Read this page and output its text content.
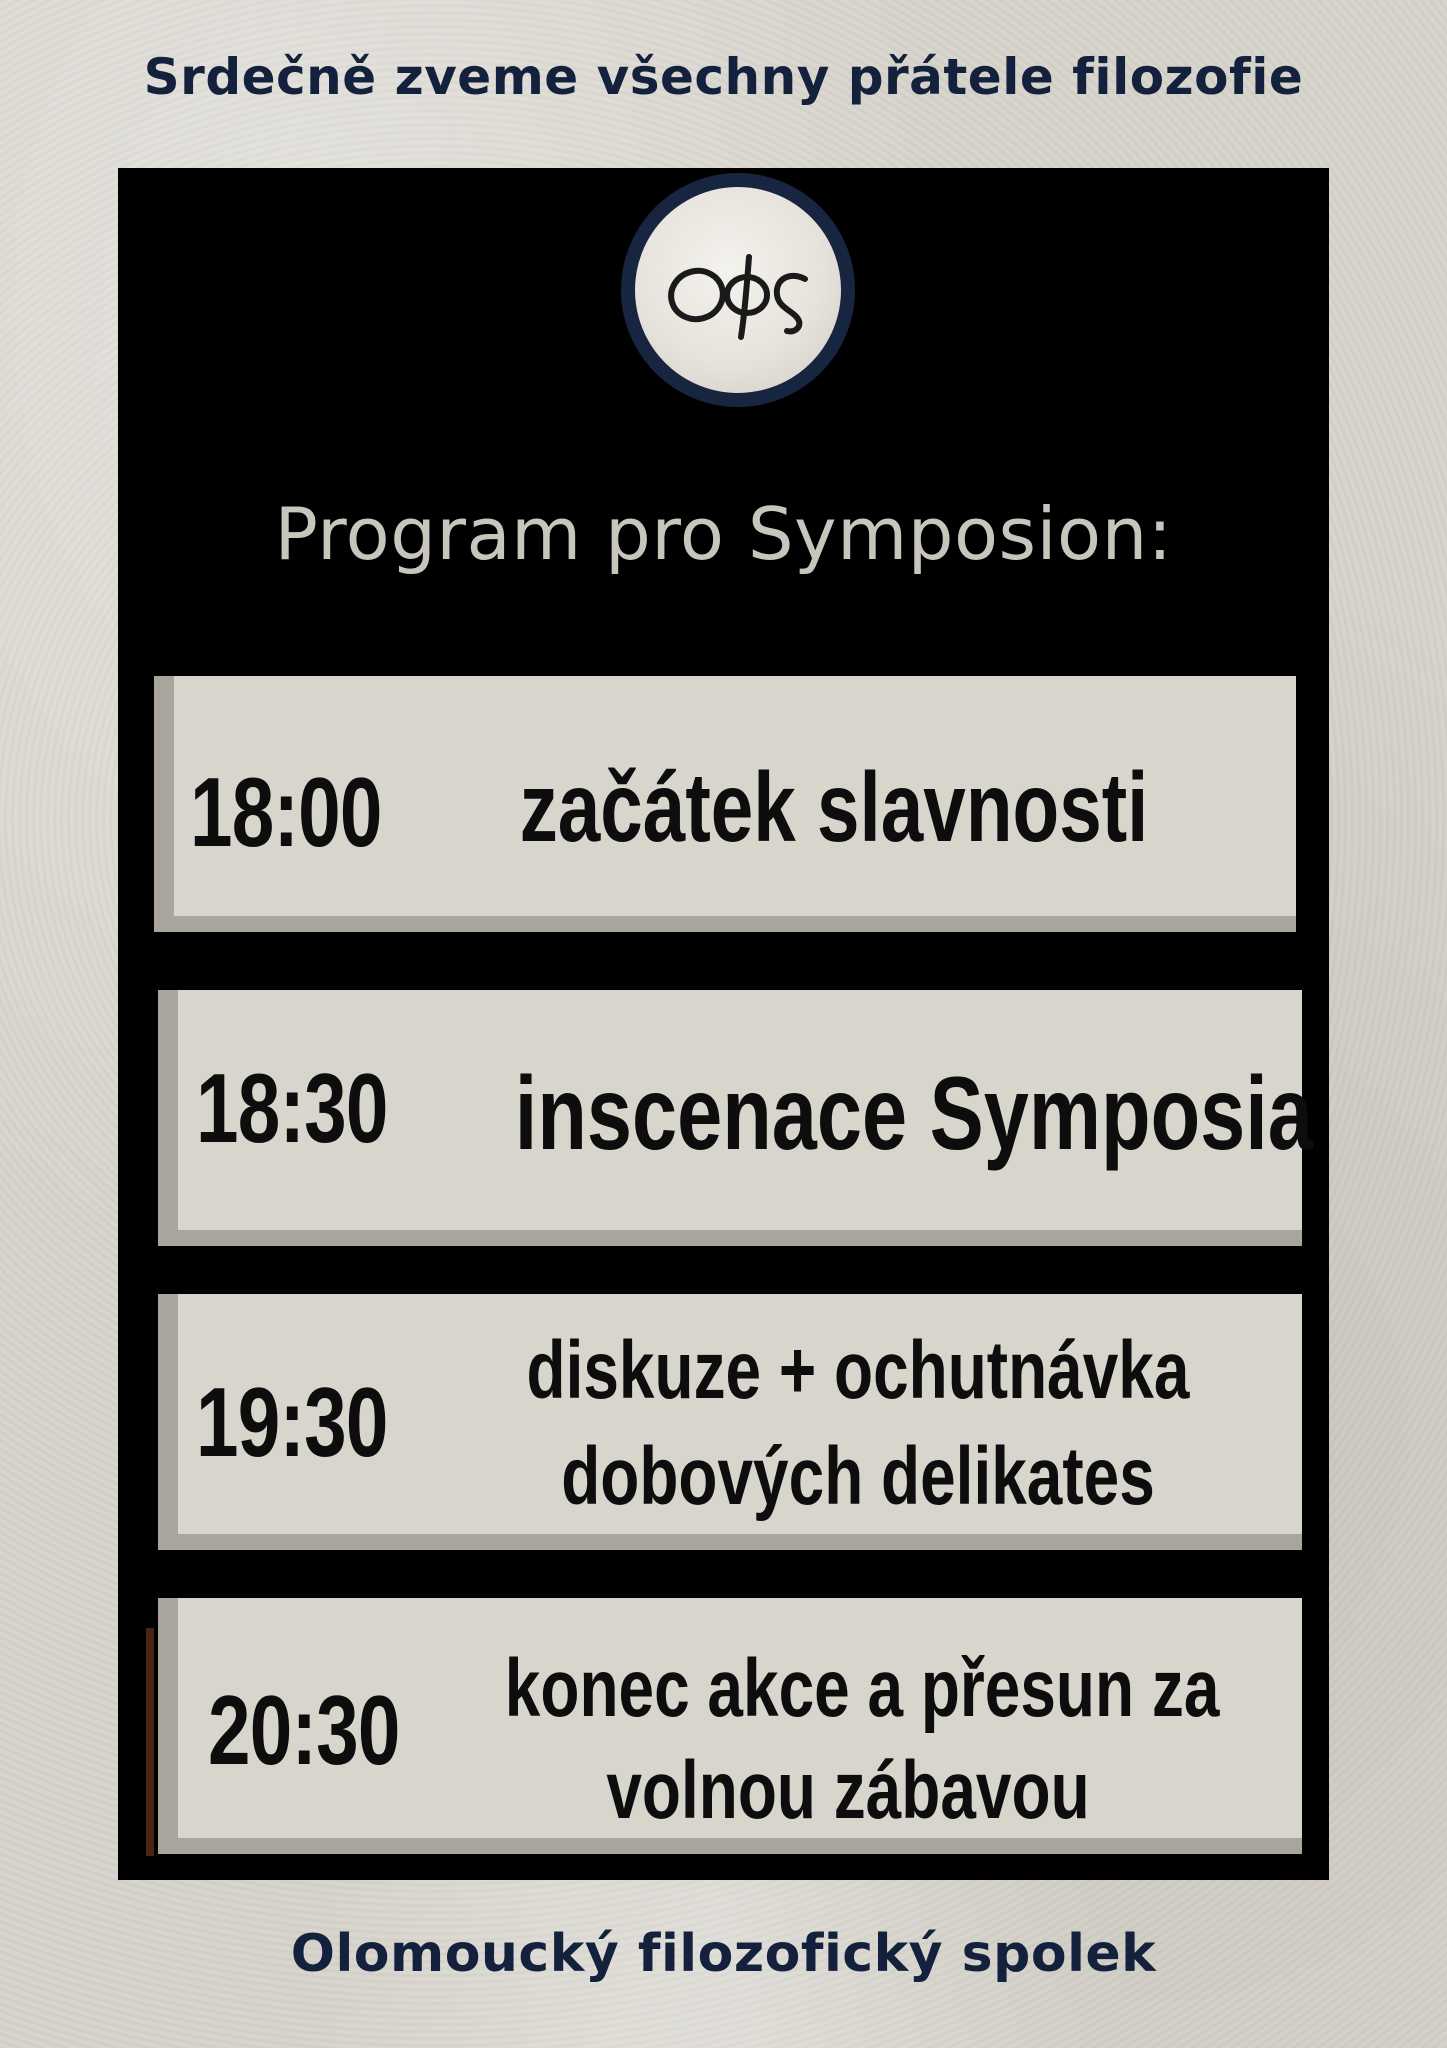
Srdečně zveme všechny přátele filozofie
Program pro Symposion:
18:00 začátek slavnosti
18:30 inscenace Symposia
19:30 diskuze + ochutnávka
dobových delikates
20:30 konec akce a přesun za
volnou zábavou
Olomoucký filozofický spolek
